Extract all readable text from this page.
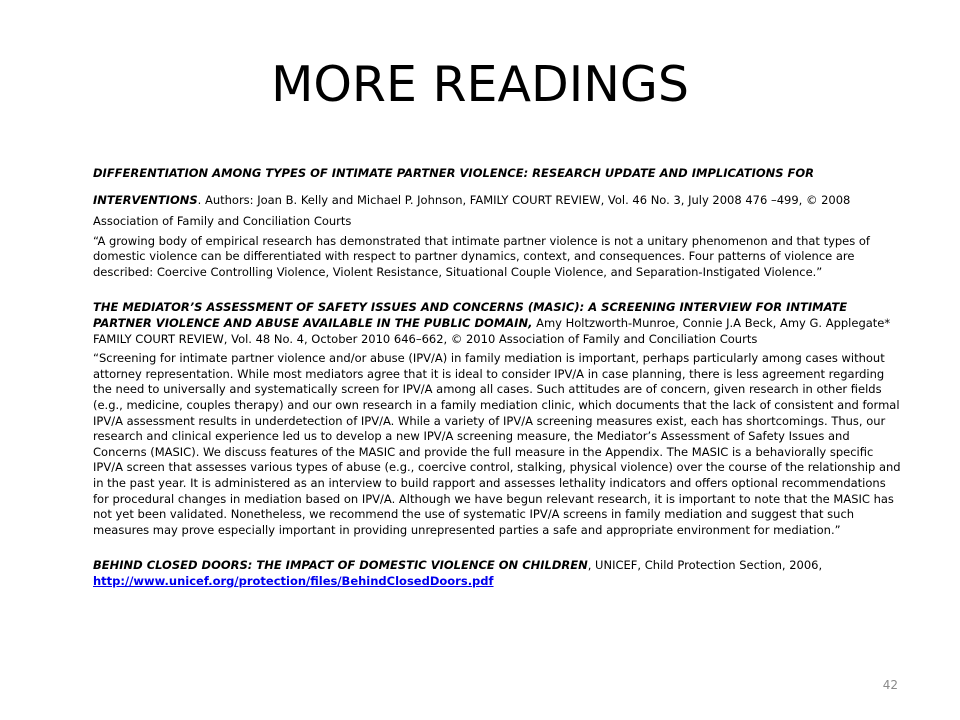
MORE READINGS

DIFFERENTIATION AMONG TYPES OF INTIMATE PARTNER VIOLENCE: RESEARCH UPDATE AND IMPLICATIONS FOR INTERVENTIONS. Authors: Joan B. Kelly and Michael P. Johnson, FAMILY COURT REVIEW, Vol. 46 No. 3, July 2008 476 –499, © 2008 Association of Family and Conciliation Courts

“A growing body of empirical research has demonstrated that intimate partner violence is not a unitary phenomenon and that types of domestic violence can be differentiated with respect to partner dynamics, context, and consequences. Four patterns of violence are described: Coercive Controlling Violence, Violent Resistance, Situational Couple Violence, and Separation-Instigated Violence.”

THE MEDIATOR’S ASSESSMENT OF SAFETY ISSUES AND CONCERNS (MASIC): A SCREENING INTERVIEW FOR INTIMATE PARTNER VIOLENCE AND ABUSE AVAILABLE IN THE PUBLIC DOMAIN, Amy Holtzworth-Munroe, Connie J.A Beck, Amy G. Applegate* FAMILY COURT REVIEW, Vol. 48 No. 4, October 2010 646–662, © 2010 Association of Family and Conciliation Courts

“Screening for intimate partner violence and/or abuse (IPV/A) in family mediation is important, perhaps particularly among cases without attorney representation. While most mediators agree that it is ideal to consider IPV/A in case planning, there is less agreement regarding the need to universally and systematically screen for IPV/A among all cases. Such attitudes are of concern, given research in other fields (e.g., medicine, couples therapy) and our own research in a family mediation clinic, which documents that the lack of consistent and formal IPV/A assessment results in underdetection of IPV/A. While a variety of IPV/A screening measures exist, each has shortcomings. Thus, our research and clinical experience led us to develop a new IPV/A screening measure, the Mediator’s Assessment of Safety Issues and Concerns (MASIC). We discuss features of the MASIC and provide the full measure in the Appendix. The MASIC is a behaviorally specific IPV/A screen that assesses various types of abuse (e.g., coercive control, stalking, physical violence) over the course of the relationship and in the past year. It is administered as an interview to build rapport and assesses lethality indicators and offers optional recommendations for procedural changes in mediation based on IPV/A. Although we have begun relevant research, it is important to note that the MASIC has not yet been validated. Nonetheless, we recommend the use of systematic IPV/A screens in family mediation and suggest that such measures may prove especially important in providing unrepresented parties a safe and appropriate environment for mediation.”

BEHIND CLOSED DOORS: THE IMPACT OF DOMESTIC VIOLENCE ON CHILDREN, UNICEF, Child Protection Section, 2006,
http://www.unicef.org/protection/files/BehindClosedDoors.pdf

42
